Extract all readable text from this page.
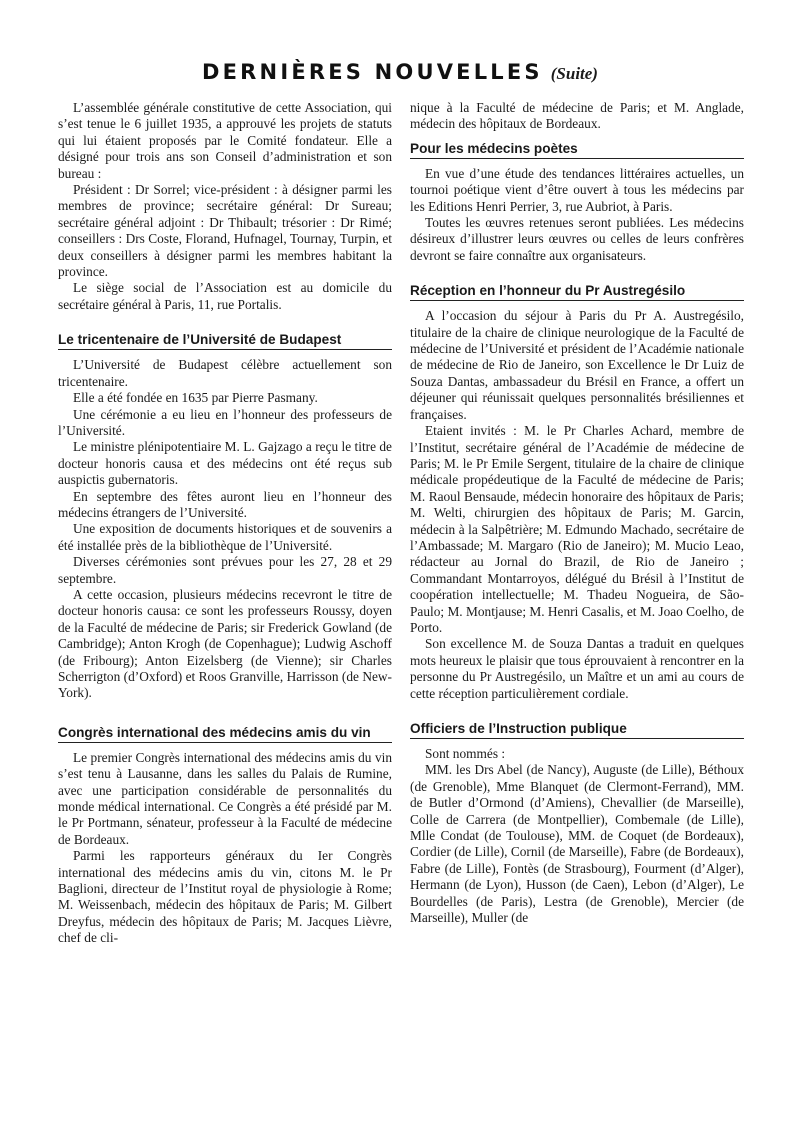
DERNIÈRES NOUVELLES (Suite)

L’assemblée générale constitutive de cette Association, qui s’est tenue le 6 juillet 1935, a approuvé les projets de statuts qui lui étaient proposés par le Comité fondateur. Elle a désigné pour trois ans son Conseil d’administration et son bureau :

Président : Dr Sorrel; vice-président : à désigner parmi les membres de province; secrétaire général: Dr Sureau; secrétaire général adjoint : Dr Thibault; trésorier : Dr Rimé; conseillers : Drs Coste, Florand, Hufnagel, Tournay, Turpin, et deux conseillers à désigner parmi les membres habitant la province.

Le siège social de l’Association est au domicile du secrétaire général à Paris, 11, rue Portalis.

Le tricentenaire de l’Université de Budapest

L’Université de Budapest célèbre actuellement son tricentenaire.

Elle a été fondée en 1635 par Pierre Pasmany.

Une cérémonie a eu lieu en l’honneur des professeurs de l’Université.

Le ministre plénipotentiaire M. L. Gajzago a reçu le titre de docteur honoris causa et des médecins ont été reçus sub auspictis gubernatoris.

En septembre des fêtes auront lieu en l’honneur des médecins étrangers de l’Université.

Une exposition de documents historiques et de souvenirs a été installée près de la bibliothèque de l’Université.

Diverses cérémonies sont prévues pour les 27, 28 et 29 septembre.

A cette occasion, plusieurs médecins recevront le titre de docteur honoris causa: ce sont les professeurs Roussy, doyen de la Faculté de médecine de Paris; sir Frederick Gowland (de Cambridge); Anton Krogh (de Copenhague); Ludwig Aschoff (de Fribourg); Anton Eizelsberg (de Vienne); sir Charles Scherrigton (d’Oxford) et Roos Granville, Harrisson (de New-York).

Congrès international des médecins amis du vin

Le premier Congrès international des médecins amis du vin s’est tenu à Lausanne, dans les salles du Palais de Rumine, avec une participation considérable de personnalités du monde médical international. Ce Congrès a été présidé par M. le Pr Portmann, sénateur, professeur à la Faculté de médecine de Bordeaux.

Parmi les rapporteurs généraux du Ier Congrès international des médecins amis du vin, citons M. le Pr Baglioni, directeur de l’Institut royal de physiologie à Rome; M. Weissenbach, médecin des hôpitaux de Paris; M. Gilbert Dreyfus, médecin des hôpitaux de Paris; M. Jacques Lièvre, chef de cli-

nique à la Faculté de médecine de Paris; et M. Anglade, médecin des hôpitaux de Bordeaux.

Pour les médecins poètes

En vue d’une étude des tendances littéraires actuelles, un tournoi poétique vient d’être ouvert à tous les médecins par les Editions Henri Perrier, 3, rue Aubriot, à Paris.

Toutes les œuvres retenues seront publiées. Les médecins désireux d’illustrer leurs œuvres ou celles de leurs confrères devront se faire connaître aux organisateurs.

Réception en l’honneur du Pr Austregésilo

A l’occasion du séjour à Paris du Pr A. Austregésilo, titulaire de la chaire de clinique neurologique de la Faculté de médecine de l’Université et président de l’Académie nationale de médecine de Rio de Janeiro, son Excellence le Dr Luiz de Souza Dantas, ambassadeur du Brésil en France, a offert un déjeuner qui réunissait quelques personnalités brésiliennes et françaises.

Etaient invités : M. le Pr Charles Achard, membre de l’Institut, secrétaire général de l’Académie de médecine de Paris; M. le Pr Emile Sergent, titulaire de la chaire de clinique médicale propédeutique de la Faculté de médecine de Paris; M. Raoul Bensaude, médecin honoraire des hôpitaux de Paris; M. Welti, chirurgien des hôpitaux de Paris; M. Garcin, médecin à la Salpêtrière; M. Edmundo Machado, secrétaire de l’Ambassade; M. Margaro (Rio de Janeiro); M. Mucio Leao, rédacteur au Jornal do Brazil, de Rio de Janeiro ; Commandant Montarroyos, délégué du Brésil à l’Institut de coopération intellectuelle; M. Thadeu Nogueira, de São-Paulo; M. Montjause; M. Henri Casalis, et M. Joao Coelho, de Porto.

Son excellence M. de Souza Dantas a traduit en quelques mots heureux le plaisir que tous éprouvaient à rencontrer en la personne du Pr Austregésilo, un Maître et un ami au cours de cette réception particulièrement cordiale.

Officiers de l’Instruction publique

Sont nommés :

MM. les Drs Abel (de Nancy), Auguste (de Lille), Béthoux (de Grenoble), Mme Blanquet (de Clermont-Ferrand), MM. de Butler d’Ormond (d’Amiens), Chevallier (de Marseille), Colle de Carrera (de Montpellier), Combemale (de Lille), Mlle Condat (de Toulouse), MM. de Coquet (de Bordeaux), Cordier (de Lille), Cornil (de Marseille), Fabre (de Bordeaux), Fabre (de Lille), Fontès (de Strasbourg), Fourment (d’Alger), Hermann (de Lyon), Husson (de Caen), Lebon (d’Alger), Le Bourdelles (de Paris), Lestra (de Grenoble), Mercier (de Marseille), Muller (de
